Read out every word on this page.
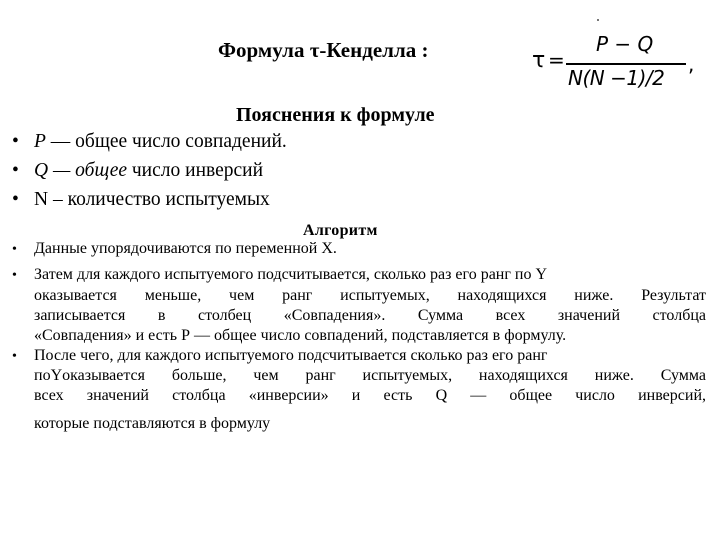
Формула τ-Кенделла :	τ =
P − Q
N(N −1)/2
,
Пояснения к формуле
• P — общее число совпадений.
• Q — общее число инверсий
• N – количество испытуемых
Алгоритм
• Данные упорядочиваются по переменной X.
• Затем для каждого испытуемого подсчитывается, сколько раз его ранг по Y
оказывается меньше, чем ранг испытуемых, находящихся ниже. Результат
записывается в столбец «Совпадения». Сумма всех значений столбца
«Совпадения» и есть Р — общее число совпадений, подставляется в формулу.
• После чего, для каждого испытуемого подсчитывается сколько раз его ранг
поYоказывается больше, чем ранг испытуемых, находящихся ниже. Сумма
всех значений столбца «инверсии» и есть Q — общее число инверсий,
которые подставляются в формулу
